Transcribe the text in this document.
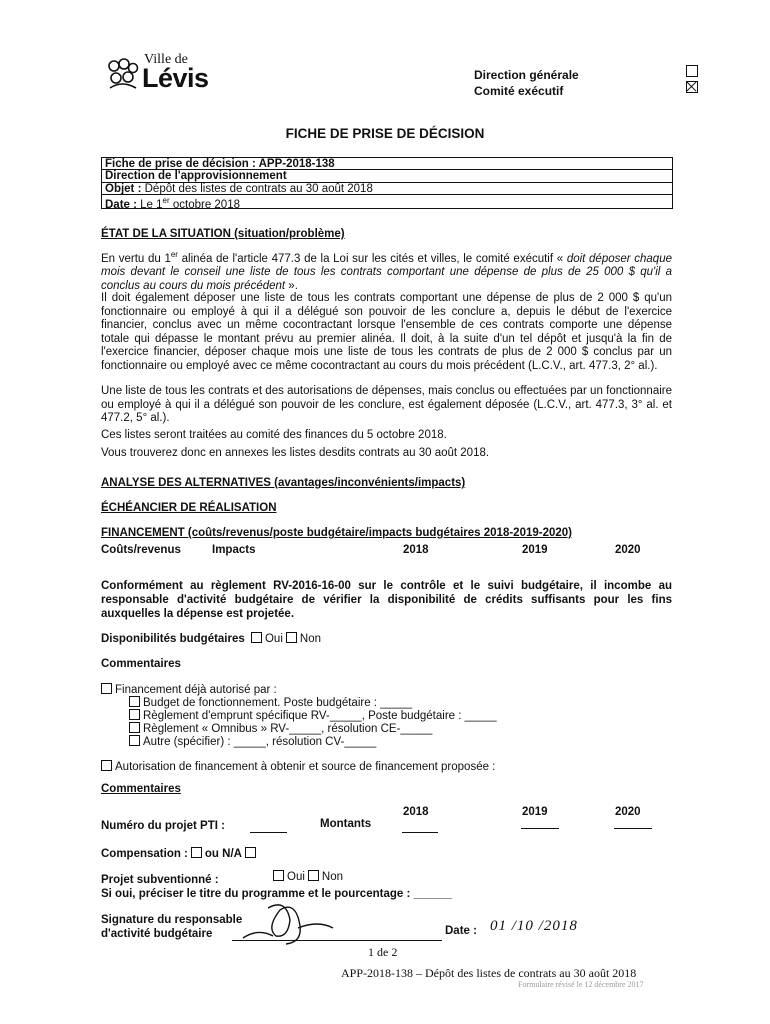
Ville de
Lévis	Direction générale
Comité exécutif
FICHE DE PRISE DE DÉCISION
Fiche de prise de décision : APP-2018-138
Direction de l'approvisionnement
Objet : Dépôt des listes de contrats au 30 août 2018
Date : Le 1er octobre 2018
ÉTAT DE LA SITUATION (situation/problème)
En vertu du 1er alinéa de l'article 477.3 de la Loi sur les cités et villes, le comité exécutif « doit déposer chaque mois devant le conseil une liste de tous les contrats comportant une dépense de plus de 25 000 $ qu'il a conclus au cours du mois précédent ».
Il doit également déposer une liste de tous les contrats comportant une dépense de plus de 2 000 $ qu'un fonctionnaire ou employé à qui il a délégué son pouvoir de les conclure a, depuis le début de l'exercice financier, conclus avec un même cocontractant lorsque l'ensemble de ces contrats comporte une dépense totale qui dépasse le montant prévu au premier alinéa. Il doit, à la suite d'un tel dépôt et jusqu'à la fin de l'exercice financier, déposer chaque mois une liste de tous les contrats de plus de 2 000 $ conclus par un fonctionnaire ou employé avec ce même cocontractant au cours du mois précédent (L.C.V., art. 477.3, 2° al.).
Une liste de tous les contrats et des autorisations de dépenses, mais conclus ou effectuées par un fonctionnaire ou employé à qui il a délégué son pouvoir de les conclure, est également déposée (L.C.V., art. 477.3, 3° al. et 477.2, 5° al.).
Ces listes seront traitées au comité des finances du 5 octobre 2018.
Vous trouverez donc en annexes les listes desdits contrats au 30 août 2018.
ANALYSE DES ALTERNATIVES (avantages/inconvénients/impacts)
ÉCHÉANCIER DE RÉALISATION
FINANCEMENT (coûts/revenus/poste budgétaire/impacts budgétaires 2018-2019-2020)
Coûts/revenus	Impacts	2018	2019	2020
Conformément au règlement RV-2016-16-00 sur le contrôle et le suivi budgétaire, il incombe au responsable d'activité budgétaire de vérifier la disponibilité de crédits suffisants pour les fins auxquelles la dépense est projetée.
Disponibilités budgétaires Oui Non
Commentaires
Financement déjà autorisé par :
Budget de fonctionnement. Poste budgétaire : _____
Règlement d'emprunt spécifique RV-_____, Poste budgétaire : _____
Règlement « Omnibus » RV-_____, résolution CE-_____
Autre (spécifier) : _____, résolution CV-_____
Autorisation de financement à obtenir et source de financement proposée :
Commentaires
2018	2019	2020
Numéro du projet PTI :	Montants
Compensation : ou N/A
Projet subventionné :	Oui Non
Si oui, préciser le titre du programme et le pourcentage : ______
Signature du responsable
d'activité budgétaire	Date : 01 /10 /2018
1 de 2
APP-2018-138 – Dépôt des listes de contrats au 30 août 2018
Formulaire révisé le 12 décembre 2017
